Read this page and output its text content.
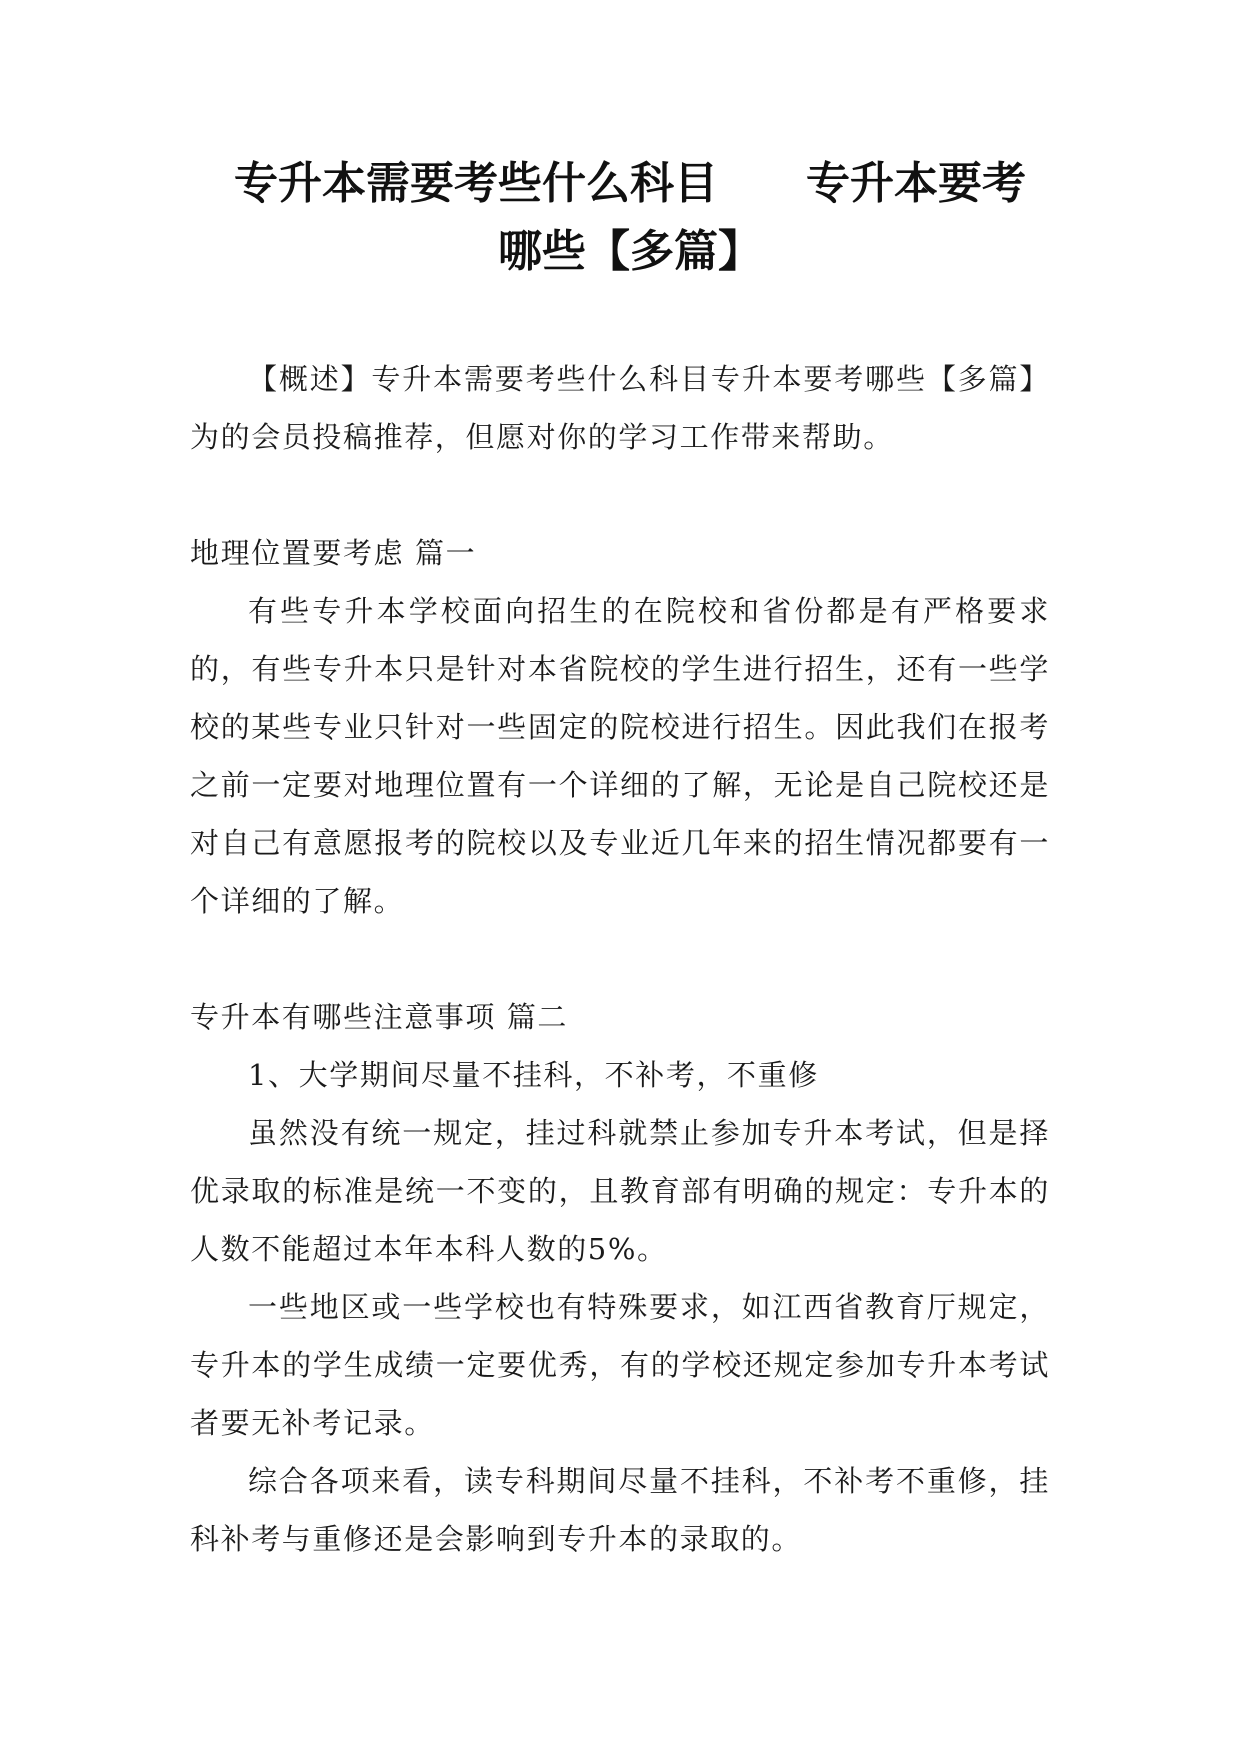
专升本需要考些什么科目 专升本要考
哪些【多篇】

【概述】专升本需要考些什么科目专升本要考哪些【多篇】为的会员投稿推荐，但愿对你的学习工作带来帮助。

地理位置要考虑 篇一

有些专升本学校面向招生的在院校和省份都是有严格要求的，有些专升本只是针对本省院校的学生进行招生，还有一些学校的某些专业只针对一些固定的院校进行招生。因此我们在报考之前一定要对地理位置有一个详细的了解，无论是自己院校还是对自己有意愿报考的院校以及专业近几年来的招生情况都要有一个详细的了解。

专升本有哪些注意事项 篇二

1、大学期间尽量不挂科，不补考，不重修

虽然没有统一规定，挂过科就禁止参加专升本考试，但是择优录取的标准是统一不变的，且教育部有明确的规定：专升本的人数不能超过本年本科人数的5%。

一些地区或一些学校也有特殊要求，如江西省教育厅规定，专升本的学生成绩一定要优秀，有的学校还规定参加专升本考试者要无补考记录。

综合各项来看，读专科期间尽量不挂科，不补考不重修，挂科补考与重修还是会影响到专升本的录取的。
